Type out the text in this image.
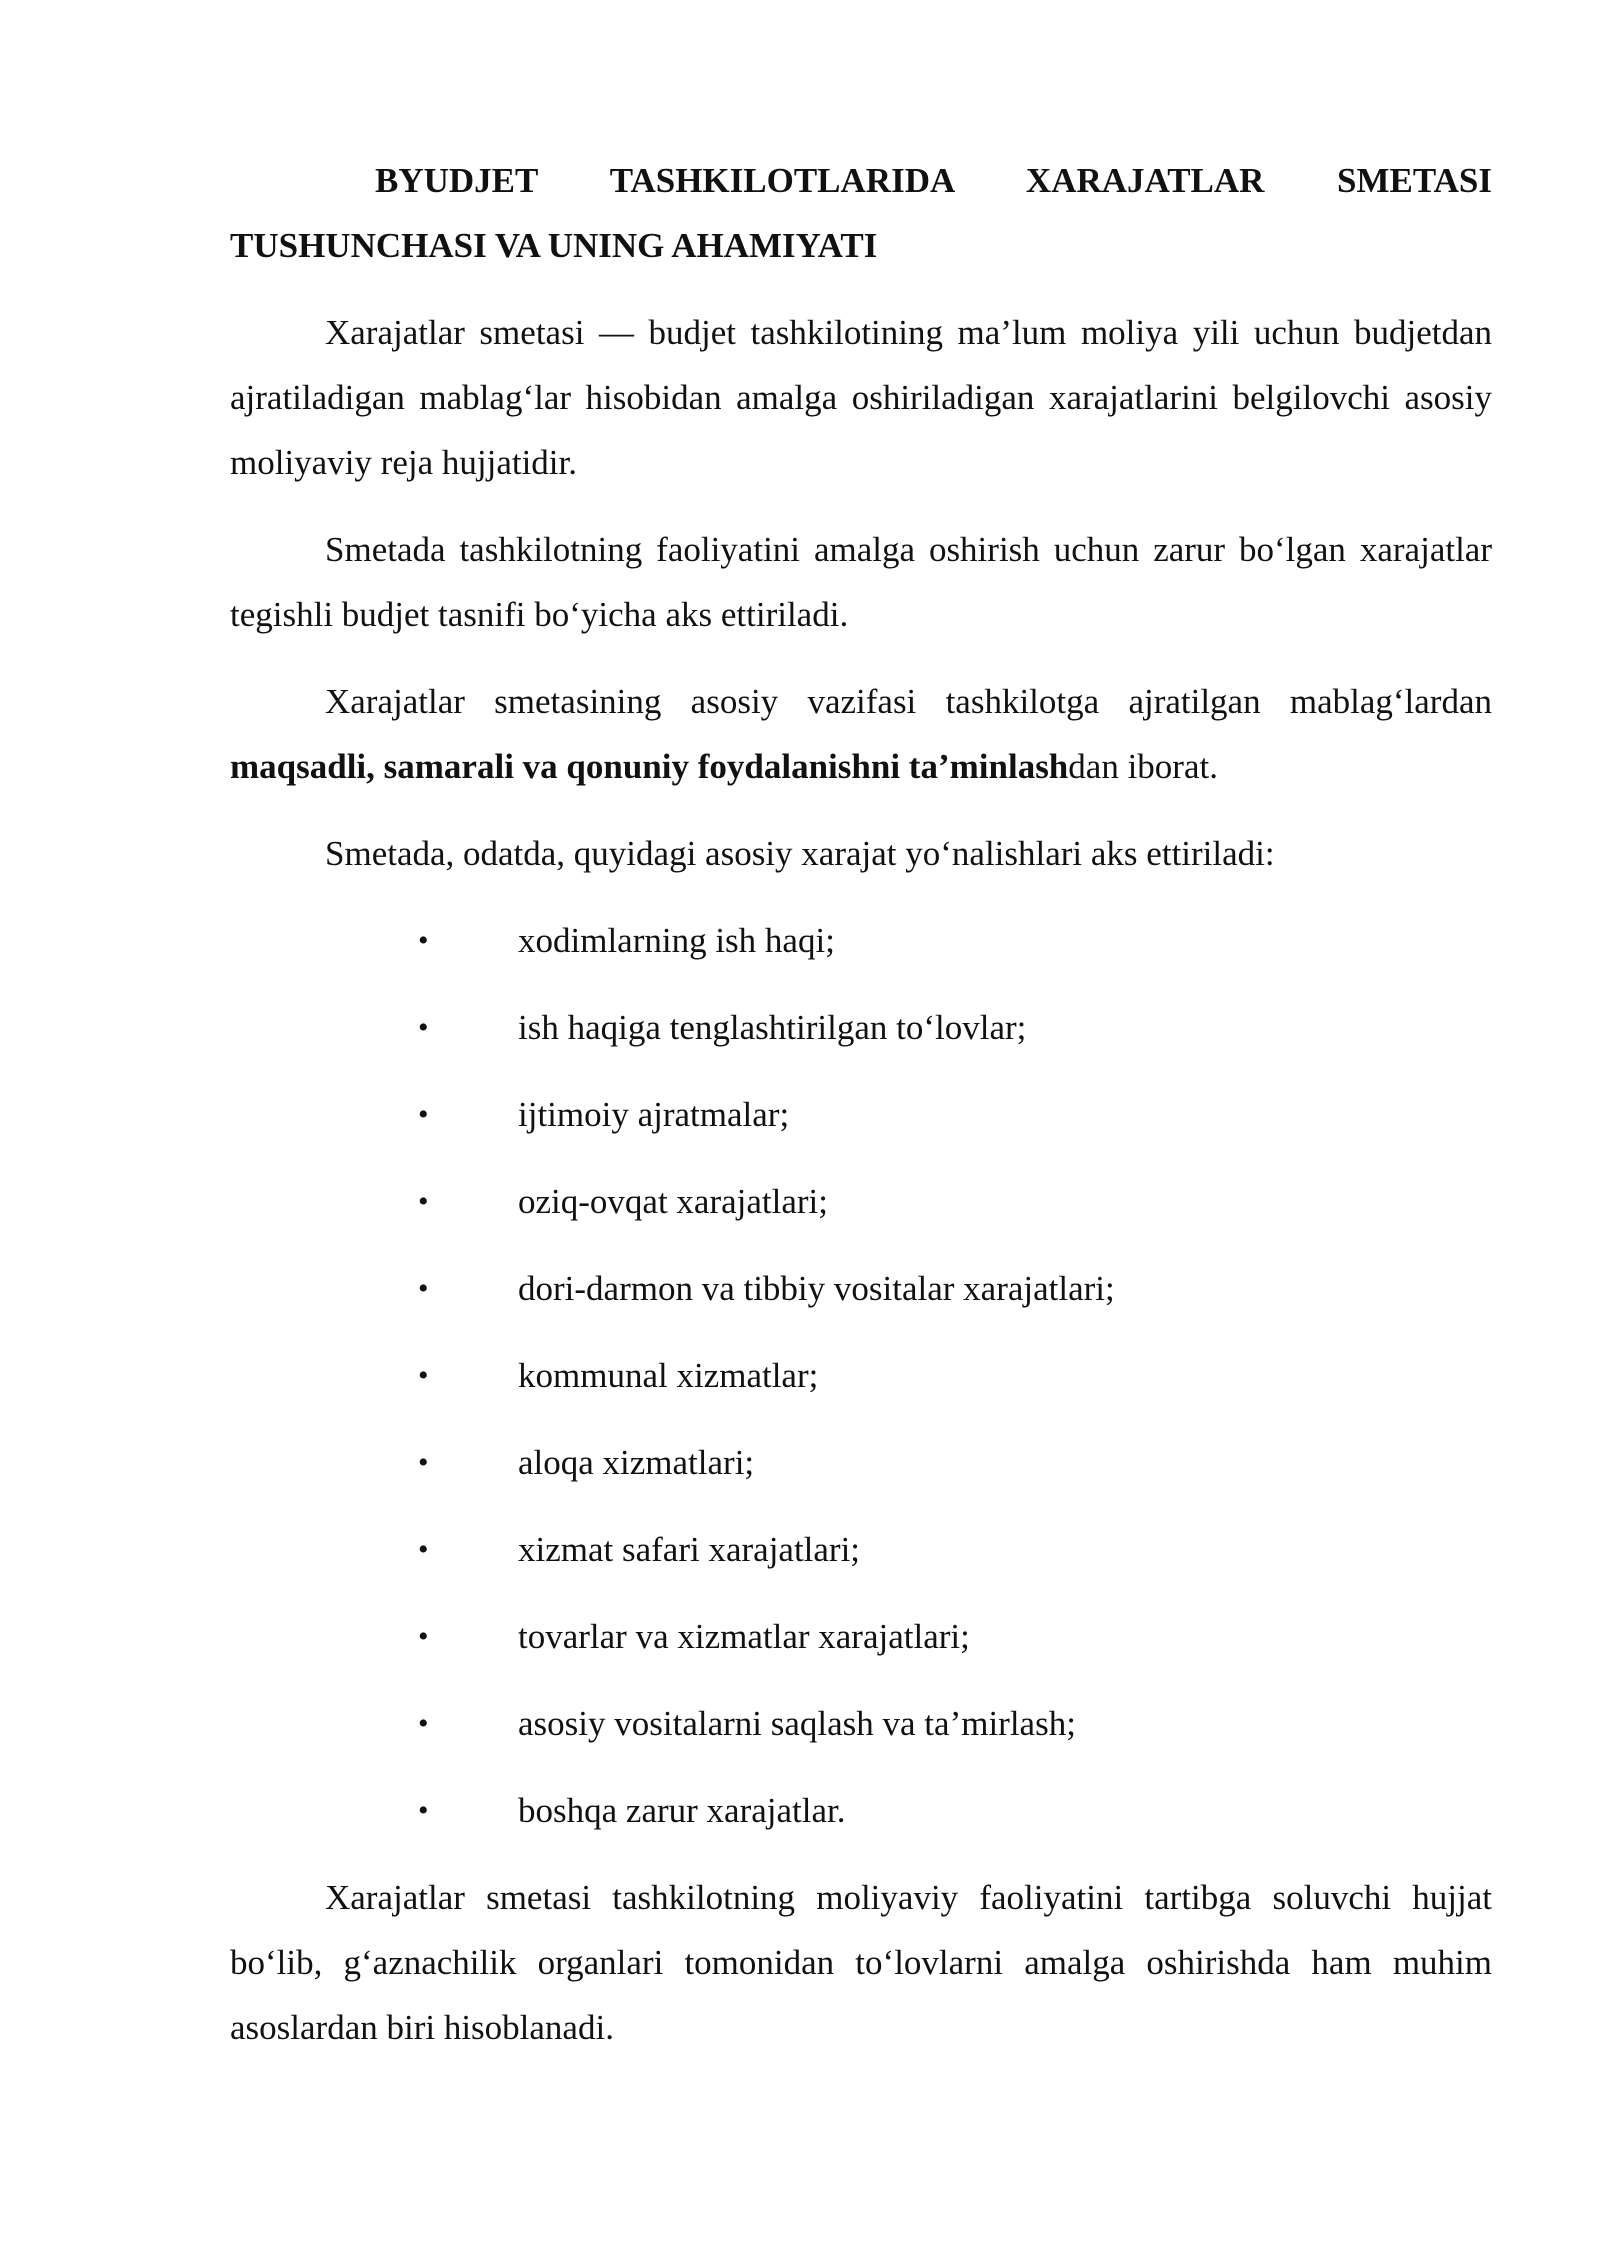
BYUDJET TASHKILOTLARIDA XARAJATLAR SMETASI TUSHUNCHASI VA UNING AHAMIYATI

Xarajatlar smetasi — budjet tashkilotining ma’lum moliya yili uchun budjetdan ajratiladigan mablag‘lar hisobidan amalga oshiriladigan xarajatlarini belgilovchi asosiy moliyaviy reja hujjatidir.

Smetada tashkilotning faoliyatini amalga oshirish uchun zarur bo‘lgan xarajatlar tegishli budjet tasnifi bo‘yicha aks ettiriladi.

Xarajatlar smetasining asosiy vazifasi tashkilotga ajratilgan mablag‘lardan maqsadli, samarali va qonuniy foydalanishni ta’minlashdan iborat.

Smetada, odatda, quyidagi asosiy xarajat yo‘nalishlari aks ettiriladi:

•	xodimlarning ish haqi;
•	ish haqiga tenglashtirilgan to‘lovlar;
•	ijtimoiy ajratmalar;
•	oziq-ovqat xarajatlari;
•	dori-darmon va tibbiy vositalar xarajatlari;
•	kommunal xizmatlar;
•	aloqa xizmatlari;
•	xizmat safari xarajatlari;
•	tovarlar va xizmatlar xarajatlari;
•	asosiy vositalarni saqlash va ta’mirlash;
•	boshqa zarur xarajatlar.

Xarajatlar smetasi tashkilotning moliyaviy faoliyatini tartibga soluvchi hujjat bo‘lib, g‘aznachilik organlari tomonidan to‘lovlarni amalga oshirishda ham muhim asoslardan biri hisoblanadi.
